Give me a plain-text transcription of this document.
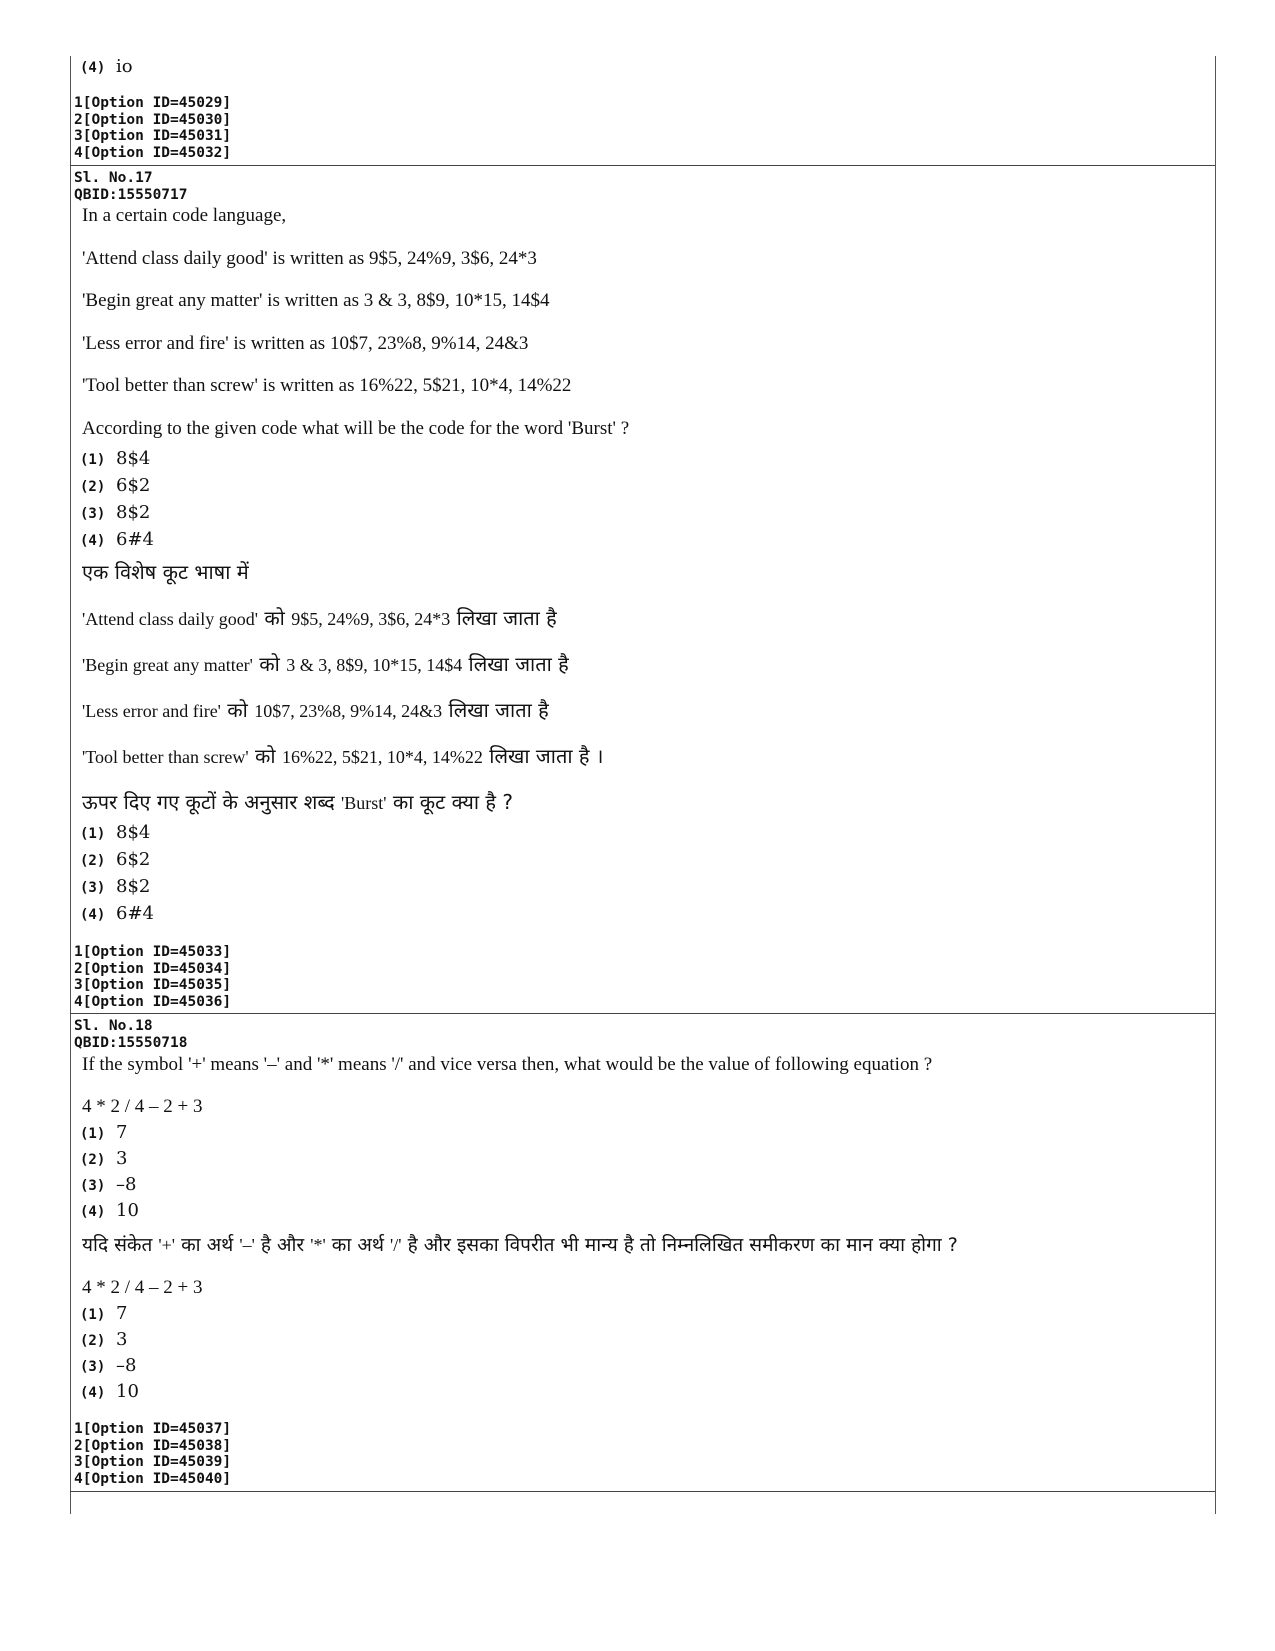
(4) io
1[Option ID=45029]
2[Option ID=45030]
3[Option ID=45031]
4[Option ID=45032]
Sl. No.17
QBID:15550717
In a certain code language,
'Attend class daily good' is written as 9$5, 24%9, 3$6, 24*3
'Begin great any matter' is written as 3 & 3, 8$9, 10*15, 14$4
'Less error and fire' is written as 10$7, 23%8, 9%14, 24&3
'Tool better than screw' is written as 16%22, 5$21, 10*4, 14%22
According to the given code what will be the code for the word 'Burst' ?
(1) 8$4
(2) 6$2
(3) 8$2
(4) 6#4
एक विशेष कूट भाषा में
'Attend class daily good' को 9$5, 24%9, 3$6, 24*3 लिखा जाता है
'Begin great any matter' को 3 & 3, 8$9, 10*15, 14$4 लिखा जाता है
'Less error and fire' को 10$7, 23%8, 9%14, 24&3 लिखा जाता है
'Tool better than screw' को 16%22, 5$21, 10*4, 14%22 लिखा जाता है ।
ऊपर दिए गए कूटों के अनुसार शब्द 'Burst' का कूट क्या है ?
(1) 8$4
(2) 6$2
(3) 8$2
(4) 6#4
1[Option ID=45033]
2[Option ID=45034]
3[Option ID=45035]
4[Option ID=45036]
Sl. No.18
QBID:15550718
If the symbol '+' means '–' and '*' means '/' and vice versa then, what would be the value of following equation ?
4 * 2 / 4 – 2 + 3
(1) 7
(2) 3
(3) –8
(4) 10
यदि संकेत '+' का अर्थ '–' है और '*' का अर्थ '/' है और इसका विपरीत भी मान्य है तो निम्नलिखित समीकरण का मान क्या होगा ?
4 * 2 / 4 – 2 + 3
(1) 7
(2) 3
(3) –8
(4) 10
1[Option ID=45037]
2[Option ID=45038]
3[Option ID=45039]
4[Option ID=45040]
